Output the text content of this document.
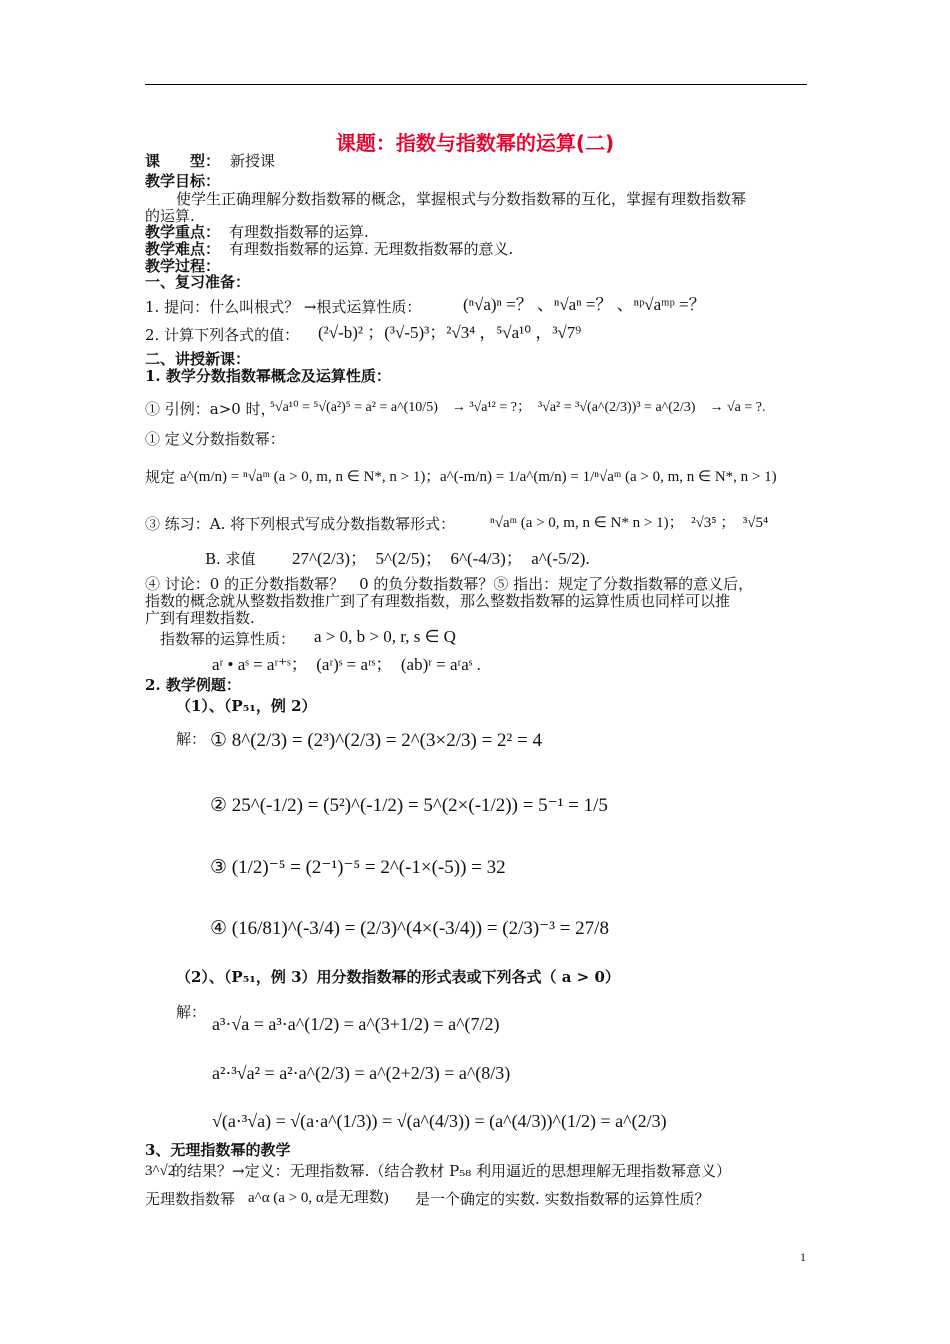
课题：指数与指数幂的运算(二)
课　　型： 新授课
教学目标：
使学生正确理解分数指数幂的概念，掌握根式与分数指数幂的互化，掌握有理数指数幂
的运算.
教学重点： 有理数指数幂的运算.
教学难点： 有理数指数幂的运算. 无理数指数幂的意义.
教学过程：
一、复习准备：
1. 提问：什么叫根式？ →根式运算性质： (ⁿ√a)ⁿ =？ 、ⁿ√aⁿ =？ 、ⁿᵖ√aᵐᵖ =？
2. 计算下列各式的值： (²√-b)² ；(³√-5)³；²√3⁴ ，⁵√a¹⁰ ，³√7⁹
二、讲授新课：
1. 教学分数指数幂概念及运算性质：
① 引例：a>0 时，
⁵√a¹⁰ = ⁵√(a²)⁵ = a² = a^(10/5)　→ ³√a¹² = ?；　³√a² = ³√(a^(2/3))³ = a^(2/3)　→ √a = ?.
① 定义分数指数幂：
规定 a^(m/n) = ⁿ√aᵐ (a > 0, m, n ∈ N*, n > 1)； a^(-m/n) = 1/a^(m/n) = 1/ⁿ√aᵐ (a > 0, m, n ∈ N*, n > 1)
③ 练习：A. 将下列根式写成分数指数幂形式： ⁿ√aᵐ (a > 0, m, n ∈ N* n > 1)；　²√3⁵ ；　³√5⁴
B. 求值 27^(2/3)；　5^(2/5)；　6^(-4/3)；　a^(-5/2).
④ 讨论：0 的正分数指数幂？　0 的负分数指数幂？⑤ 指出：规定了分数指数幂的意义后，
指数的概念就从整数指数推广到了有理数指数，那么整数指数幂的运算性质也同样可以推
广到有理数指数.
指数幂的运算性质： a > 0, b > 0, r, s ∈ Q
aʳ • aˢ = aʳ⁺ˢ；　(aʳ)ˢ = aʳˢ；　(ab)ʳ = aʳaˢ .
2. 教学例题：
（1）、（P₅₁，例 2）
解： ① 8^(2/3) = (2³)^(2/3) = 2^(3×2/3) = 2² = 4
② 25^(-1/2) = (5²)^(-1/2) = 5^(2×(-1/2)) = 5⁻¹ = 1/5
③ (1/2)⁻⁵ = (2⁻¹)⁻⁵ = 2^(-1×(-5)) = 32
④ (16/81)^(-3/4) = (2/3)^(4×(-3/4)) = (2/3)⁻³ = 27/8
（2）、（P₅₁，例 3）用分数指数幂的形式表或下列各式（ a > 0）
解：
a³·√a = a³·a^(1/2) = a^(3+1/2) = a^(7/2)
a²·³√a² = a²·a^(2/3) = a^(2+2/3) = a^(8/3)
√(a·³√a) = √(a·a^(1/3)) = √(a^(4/3)) = (a^(4/3))^(1/2) = a^(2/3)
3、无理指数幂的教学
3^√2
的结果？→定义：无理指数幂.（结合教材 P₅₈ 利用逼近的思想理解无理指数幂意义）
无理数指数幂 a^α (a > 0, α是无理数) 是一个确定的实数. 实数指数幂的运算性质？
1
